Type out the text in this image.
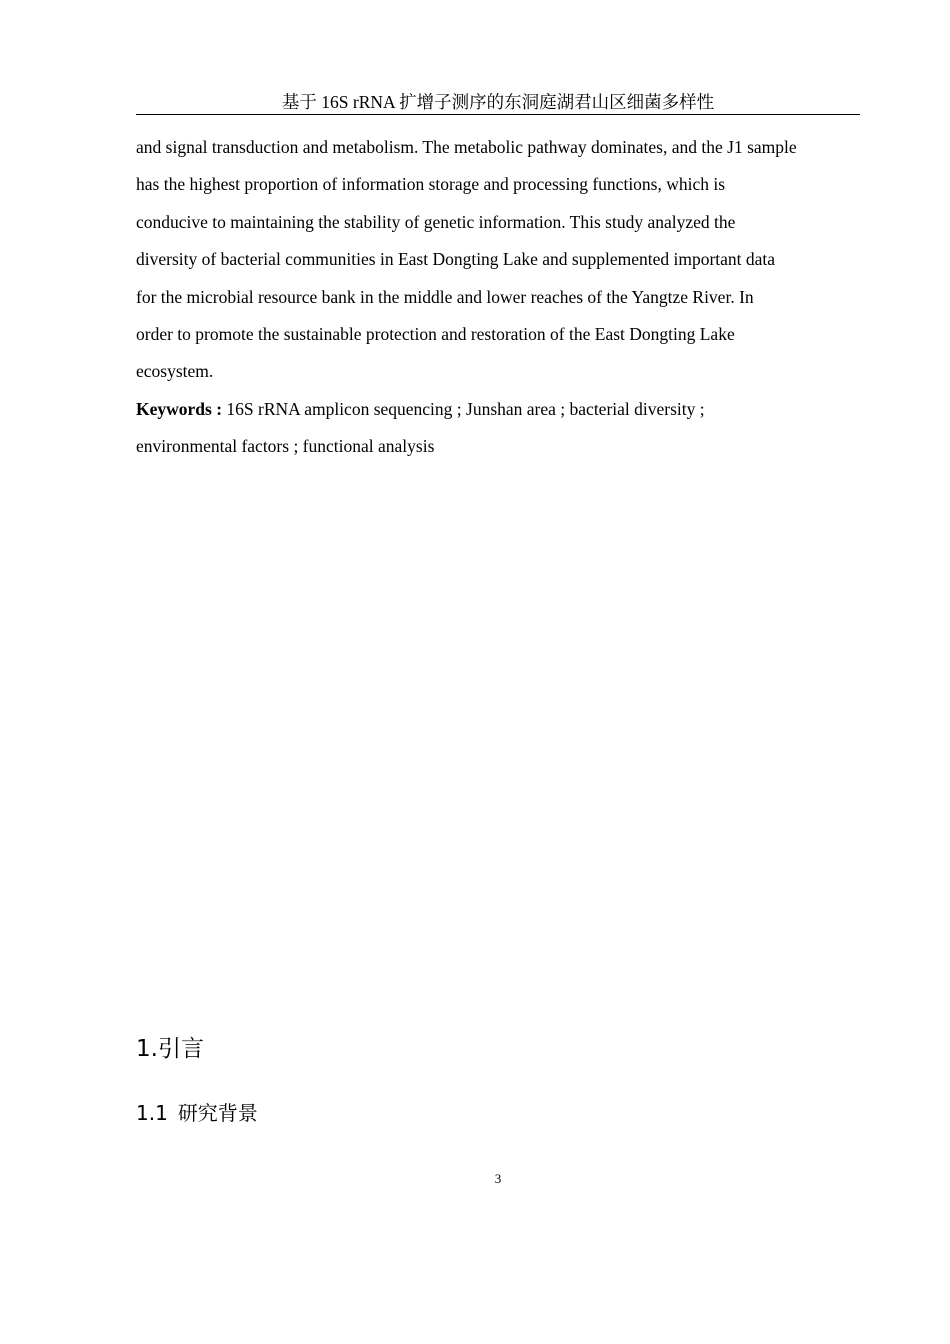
基于 16S rRNA 扩增子测序的东洞庭湖君山区细菌多样性
and signal transduction and metabolism. The metabolic pathway dominates, and the J1 sample
has the highest proportion of information storage and processing functions, which is
conducive to maintaining the stability of genetic information. This study analyzed the
diversity of bacterial communities in East Dongting Lake and supplemented important data
for the microbial resource bank in the middle and lower reaches of the Yangtze River. In
order to promote the sustainable protection and restoration of the East Dongting Lake
ecosystem.
Keywords : 16S rRNA amplicon sequencing ; Junshan area ; bacterial diversity ;
environmental factors ; functional analysis
1.引言
1.1 研究背景
3
